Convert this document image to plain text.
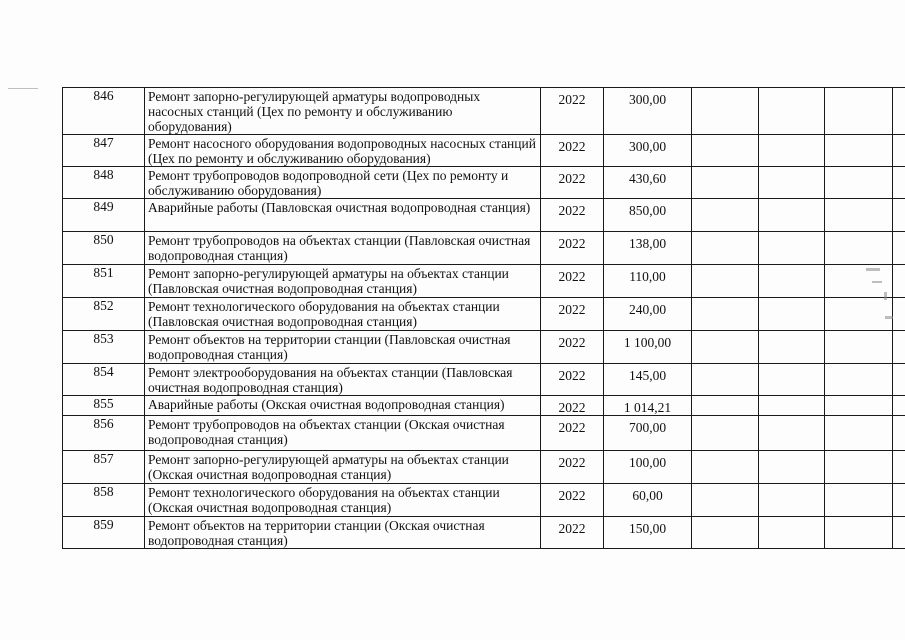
846	Ремонт запорно-регулирующей арматуры водопроводных насосных станций (Цех по ремонту и обслуживанию оборудования)	2022	300,00				
847	Ремонт насосного оборудования водопроводных насосных станций (Цех по ремонту и обслуживанию оборудования)	2022	300,00				
848	Ремонт трубопроводов водопроводной сети (Цех по ремонту и обслуживанию оборудования)	2022	430,60				
849	Аварийные работы (Павловская очистная водопроводная станция)	2022	850,00				
850	Ремонт трубопроводов на объектах станции (Павловская очистная водопроводная станция)	2022	138,00				
851	Ремонт запорно-регулирующей арматуры на объектах станции (Павловская очистная водопроводная станция)	2022	110,00				
852	Ремонт технологического оборудования на объектах станции (Павловская очистная водопроводная станция)	2022	240,00				
853	Ремонт объектов на территории станции (Павловская очистная водопроводная станция)	2022	1 100,00				
854	Ремонт электрооборудования на объектах станции (Павловская очистная водопроводная станция)	2022	145,00				
855	Аварийные работы (Окская очистная водопроводная станция)	2022	1 014,21				
856	Ремонт трубопроводов на объектах станции (Окская очистная водопроводная станция)	2022	700,00				
857	Ремонт запорно-регулирующей арматуры на объектах станции (Окская очистная водопроводная станция)	2022	100,00				
858	Ремонт технологического оборудования на объектах станции (Окская очистная водопроводная станция)	2022	60,00				
859	Ремонт объектов на территории станции (Окская очистная водопроводная станция)	2022	150,00				
